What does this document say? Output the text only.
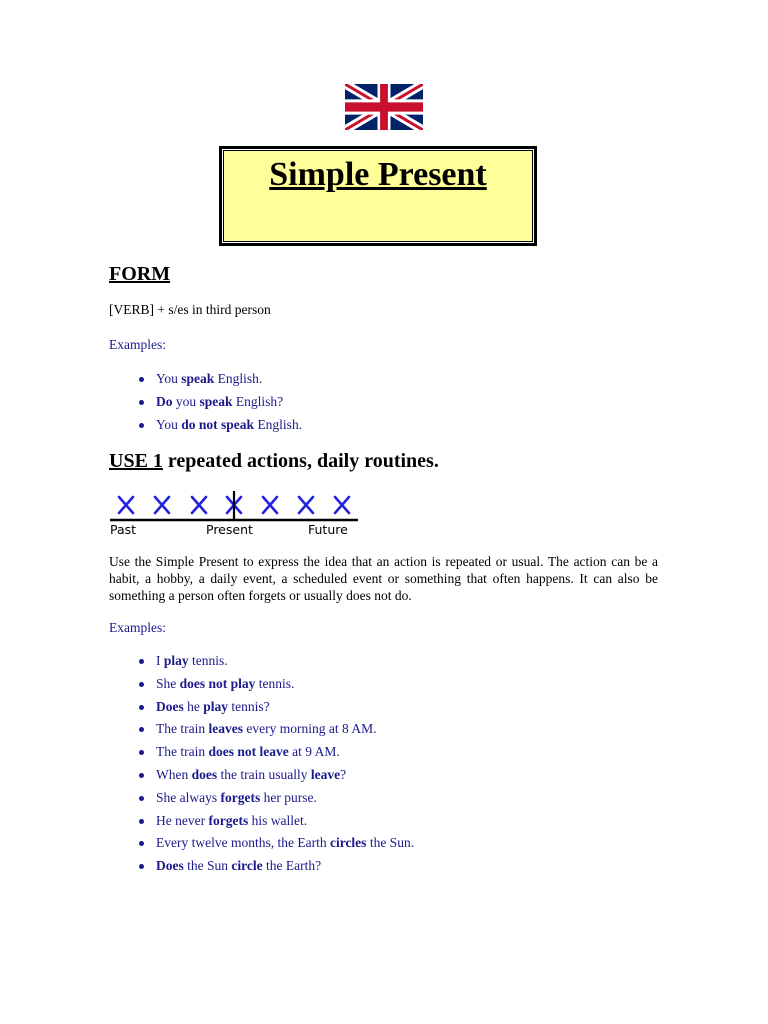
Simple Present
FORM
[VERB] + s/es in third person
Examples:
You speak English.
Do you speak English?
You do not speak English.
USE 1 repeated actions, daily routines.
Past	Present	Future

Use the Simple Present to express the idea that an action is repeated or usual. The action can be a habit, a hobby, a daily event, a scheduled event or something that often happens. It can also be something a person often forgets or usually does not do.

Examples:
I play tennis.
She does not play tennis.
Does he play tennis?
The train leaves every morning at 8 AM.
The train does not leave at 9 AM.
When does the train usually leave?
She always forgets her purse.
He never forgets his wallet.
Every twelve months, the Earth circles the Sun.
Does the Sun circle the Earth?
